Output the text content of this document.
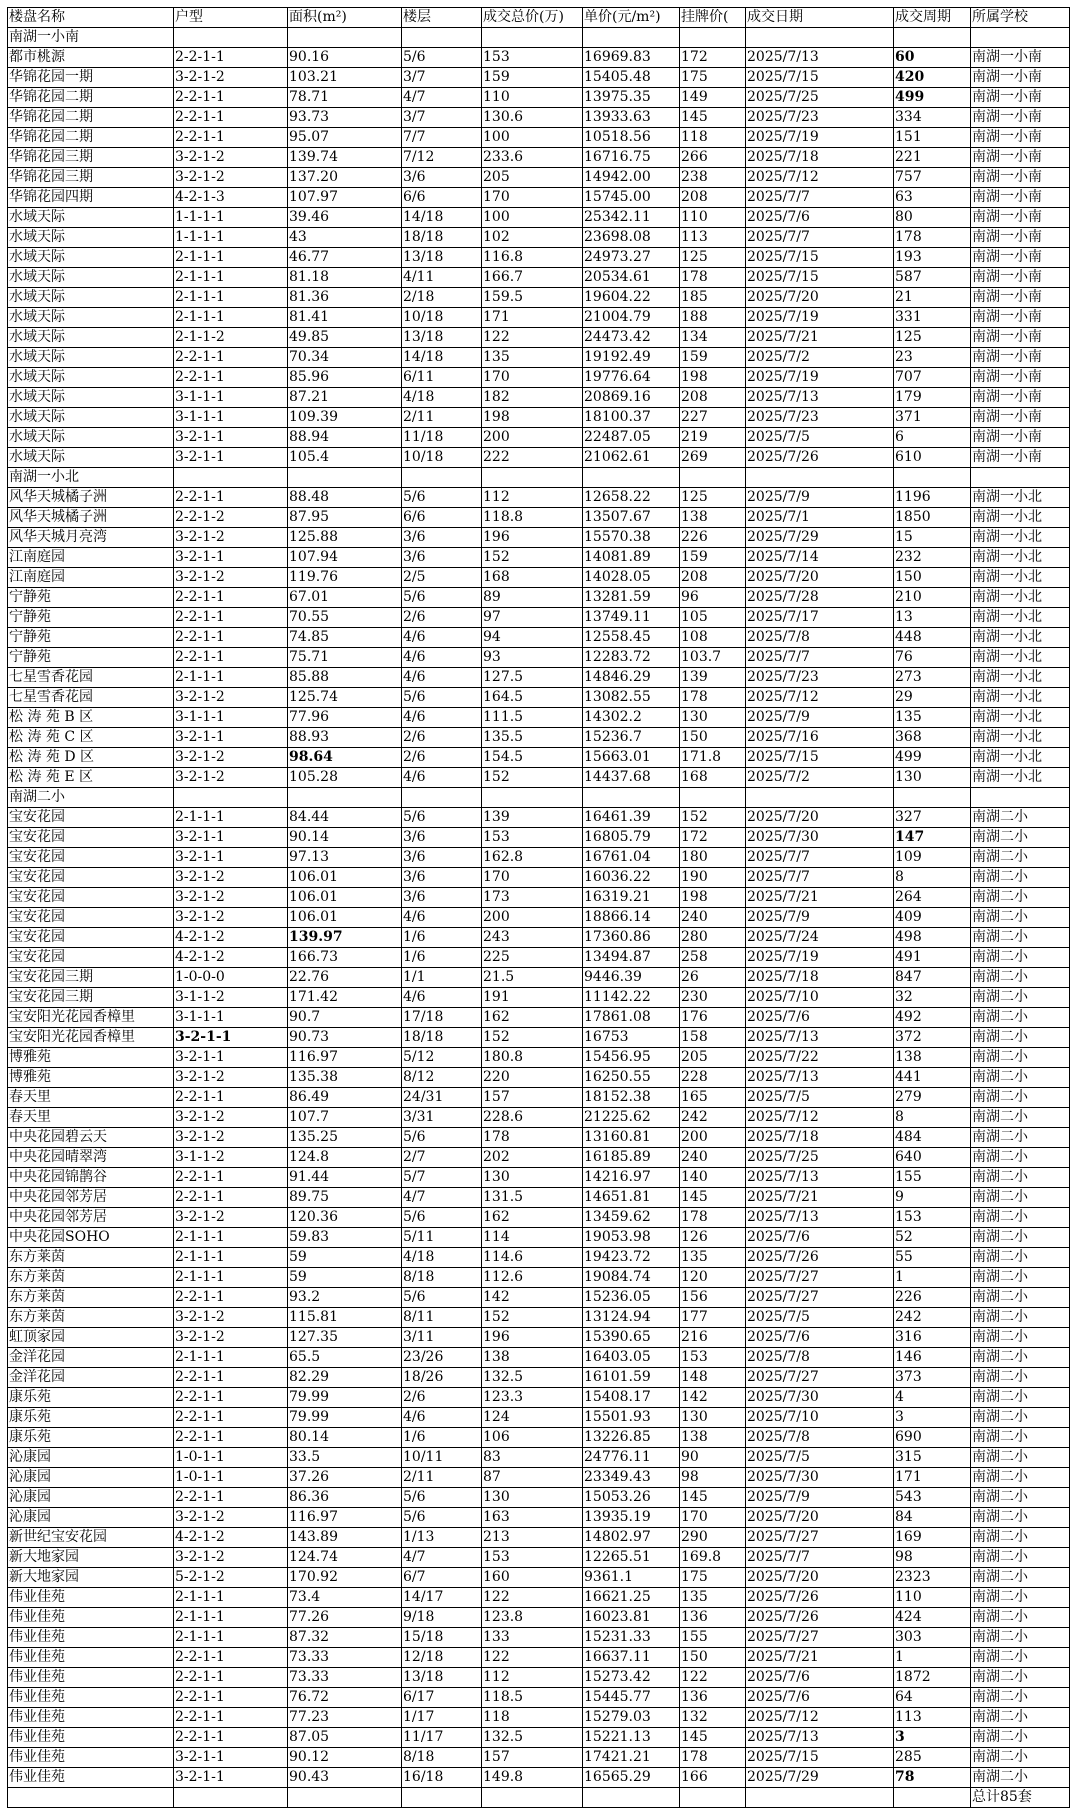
楼盘名称	户型	面积(m²)	楼层	成交总价(万)	单价(元/m²)	挂牌价(	成交日期	成交周期	所属学校
南湖一小南									
都市桃源	2-2-1-1	90.16	5/6	153	16969.83	172	2025/7/13	60	南湖一小南
华锦花园一期	3-2-1-2	103.21	3/7	159	15405.48	175	2025/7/15	420	南湖一小南
华锦花园二期	2-2-1-1	78.71	4/7	110	13975.35	149	2025/7/25	499	南湖一小南
华锦花园二期	2-2-1-1	93.73	3/7	130.6	13933.63	145	2025/7/23	334	南湖一小南
华锦花园二期	2-2-1-1	95.07	7/7	100	10518.56	118	2025/7/19	151	南湖一小南
华锦花园三期	3-2-1-2	139.74	7/12	233.6	16716.75	266	2025/7/18	221	南湖一小南
华锦花园三期	3-2-1-2	137.20	3/6	205	14942.00	238	2025/7/12	757	南湖一小南
华锦花园四期	4-2-1-3	107.97	6/6	170	15745.00	208	2025/7/7	63	南湖一小南
水域天际	1-1-1-1	39.46	14/18	100	25342.11	110	2025/7/6	80	南湖一小南
水域天际	1-1-1-1	43	18/18	102	23698.08	113	2025/7/7	178	南湖一小南
水域天际	2-1-1-1	46.77	13/18	116.8	24973.27	125	2025/7/15	193	南湖一小南
水域天际	2-1-1-1	81.18	4/11	166.7	20534.61	178	2025/7/15	587	南湖一小南
水域天际	2-1-1-1	81.36	2/18	159.5	19604.22	185	2025/7/20	21	南湖一小南
水域天际	2-1-1-1	81.41	10/18	171	21004.79	188	2025/7/19	331	南湖一小南
水域天际	2-1-1-2	49.85	13/18	122	24473.42	134	2025/7/21	125	南湖一小南
水域天际	2-2-1-1	70.34	14/18	135	19192.49	159	2025/7/2	23	南湖一小南
水域天际	2-2-1-1	85.96	6/11	170	19776.64	198	2025/7/19	707	南湖一小南
水域天际	3-1-1-1	87.21	4/18	182	20869.16	208	2025/7/13	179	南湖一小南
水域天际	3-1-1-1	109.39	2/11	198	18100.37	227	2025/7/23	371	南湖一小南
水域天际	3-2-1-1	88.94	11/18	200	22487.05	219	2025/7/5	6	南湖一小南
水域天际	3-2-1-1	105.4	10/18	222	21062.61	269	2025/7/26	610	南湖一小南
南湖一小北									
风华天城橘子洲	2-2-1-1	88.48	5/6	112	12658.22	125	2025/7/9	1196	南湖一小北
风华天城橘子洲	2-2-1-2	87.95	6/6	118.8	13507.67	138	2025/7/1	1850	南湖一小北
风华天城月亮湾	3-2-1-2	125.88	3/6	196	15570.38	226	2025/7/29	15	南湖一小北
江南庭园	3-2-1-1	107.94	3/6	152	14081.89	159	2025/7/14	232	南湖一小北
江南庭园	3-2-1-2	119.76	2/5	168	14028.05	208	2025/7/20	150	南湖一小北
宁静苑	2-2-1-1	67.01	5/6	89	13281.59	96	2025/7/28	210	南湖一小北
宁静苑	2-2-1-1	70.55	2/6	97	13749.11	105	2025/7/17	13	南湖一小北
宁静苑	2-2-1-1	74.85	4/6	94	12558.45	108	2025/7/8	448	南湖一小北
宁静苑	2-2-1-1	75.71	4/6	93	12283.72	103.7	2025/7/7	76	南湖一小北
七星雪香花园	2-1-1-1	85.88	4/6	127.5	14846.29	139	2025/7/23	273	南湖一小北
七星雪香花园	3-2-1-2	125.74	5/6	164.5	13082.55	178	2025/7/12	29	南湖一小北
松 涛 苑 B 区	3-1-1-1	77.96	4/6	111.5	14302.2	130	2025/7/9	135	南湖一小北
松 涛 苑 C 区	3-2-1-1	88.93	2/6	135.5	15236.7	150	2025/7/16	368	南湖一小北
松 涛 苑 D 区	3-2-1-2	98.64	2/6	154.5	15663.01	171.8	2025/7/15	499	南湖一小北
松 涛 苑 E 区	3-2-1-2	105.28	4/6	152	14437.68	168	2025/7/2	130	南湖一小北
南湖二小									
宝安花园	2-1-1-1	84.44	5/6	139	16461.39	152	2025/7/20	327	南湖二小
宝安花园	3-2-1-1	90.14	3/6	153	16805.79	172	2025/7/30	147	南湖二小
宝安花园	3-2-1-1	97.13	3/6	162.8	16761.04	180	2025/7/7	109	南湖二小
宝安花园	3-2-1-2	106.01	3/6	170	16036.22	190	2025/7/7	8	南湖二小
宝安花园	3-2-1-2	106.01	3/6	173	16319.21	198	2025/7/21	264	南湖二小
宝安花园	3-2-1-2	106.01	4/6	200	18866.14	240	2025/7/9	409	南湖二小
宝安花园	4-2-1-2	139.97	1/6	243	17360.86	280	2025/7/24	498	南湖二小
宝安花园	4-2-1-2	166.73	1/6	225	13494.87	258	2025/7/19	491	南湖二小
宝安花园三期	1-0-0-0	22.76	1/1	21.5	9446.39	26	2025/7/18	847	南湖二小
宝安花园三期	3-1-1-2	171.42	4/6	191	11142.22	230	2025/7/10	32	南湖二小
宝安阳光花园香樟里	3-1-1-1	90.7	17/18	162	17861.08	176	2025/7/6	492	南湖二小
宝安阳光花园香樟里	3-2-1-1	90.73	18/18	152	16753	158	2025/7/13	372	南湖二小
博雅苑	3-2-1-1	116.97	5/12	180.8	15456.95	205	2025/7/22	138	南湖二小
博雅苑	3-2-1-2	135.38	8/12	220	16250.55	228	2025/7/13	441	南湖二小
春天里	2-2-1-1	86.49	24/31	157	18152.38	165	2025/7/5	279	南湖二小
春天里	3-2-1-2	107.7	3/31	228.6	21225.62	242	2025/7/12	8	南湖二小
中央花园碧云天	3-2-1-2	135.25	5/6	178	13160.81	200	2025/7/18	484	南湖二小
中央花园晴翠湾	3-1-1-2	124.8	2/7	202	16185.89	240	2025/7/25	640	南湖二小
中央花园锦鹊谷	2-2-1-1	91.44	5/7	130	14216.97	140	2025/7/13	155	南湖二小
中央花园邻芳居	2-2-1-1	89.75	4/7	131.5	14651.81	145	2025/7/21	9	南湖二小
中央花园邻芳居	3-2-1-2	120.36	5/6	162	13459.62	178	2025/7/13	153	南湖二小
中央花园SOHO	2-1-1-1	59.83	5/11	114	19053.98	126	2025/7/6	52	南湖二小
东方莱茵	2-1-1-1	59	4/18	114.6	19423.72	135	2025/7/26	55	南湖二小
东方莱茵	2-1-1-1	59	8/18	112.6	19084.74	120	2025/7/27	1	南湖二小
东方莱茵	2-2-1-1	93.2	5/6	142	15236.05	156	2025/7/27	226	南湖二小
东方莱茵	3-2-1-2	115.81	8/11	152	13124.94	177	2025/7/5	242	南湖二小
虹顶家园	3-2-1-2	127.35	3/11	196	15390.65	216	2025/7/6	316	南湖二小
金洋花园	2-1-1-1	65.5	23/26	138	16403.05	153	2025/7/8	146	南湖二小
金洋花园	2-2-1-1	82.29	18/26	132.5	16101.59	148	2025/7/27	373	南湖二小
康乐苑	2-2-1-1	79.99	2/6	123.3	15408.17	142	2025/7/30	4	南湖二小
康乐苑	2-2-1-1	79.99	4/6	124	15501.93	130	2025/7/10	3	南湖二小
康乐苑	2-2-1-1	80.14	1/6	106	13226.85	138	2025/7/8	690	南湖二小
沁康园	1-0-1-1	33.5	10/11	83	24776.11	90	2025/7/5	315	南湖二小
沁康园	1-0-1-1	37.26	2/11	87	23349.43	98	2025/7/30	171	南湖二小
沁康园	2-2-1-1	86.36	5/6	130	15053.26	145	2025/7/9	543	南湖二小
沁康园	3-2-1-2	116.97	5/6	163	13935.19	170	2025/7/20	84	南湖二小
新世纪宝安花园	4-2-1-2	143.89	1/13	213	14802.97	290	2025/7/27	169	南湖二小
新大地家园	3-2-1-2	124.74	4/7	153	12265.51	169.8	2025/7/7	98	南湖二小
新大地家园	5-2-1-2	170.92	6/7	160	9361.1	175	2025/7/20	2323	南湖二小
伟业佳苑	2-1-1-1	73.4	14/17	122	16621.25	135	2025/7/26	110	南湖二小
伟业佳苑	2-1-1-1	77.26	9/18	123.8	16023.81	136	2025/7/26	424	南湖二小
伟业佳苑	2-1-1-1	87.32	15/18	133	15231.33	155	2025/7/27	303	南湖二小
伟业佳苑	2-2-1-1	73.33	12/18	122	16637.11	150	2025/7/21	1	南湖二小
伟业佳苑	2-2-1-1	73.33	13/18	112	15273.42	122	2025/7/6	1872	南湖二小
伟业佳苑	2-2-1-1	76.72	6/17	118.5	15445.77	136	2025/7/6	64	南湖二小
伟业佳苑	2-2-1-1	77.23	1/17	118	15279.03	132	2025/7/12	113	南湖二小
伟业佳苑	2-2-1-1	87.05	11/17	132.5	15221.13	145	2025/7/13	3	南湖二小
伟业佳苑	3-2-1-1	90.12	8/18	157	17421.21	178	2025/7/15	285	南湖二小
伟业佳苑	3-2-1-1	90.43	16/18	149.8	16565.29	166	2025/7/29	78	南湖二小
									总计85套
